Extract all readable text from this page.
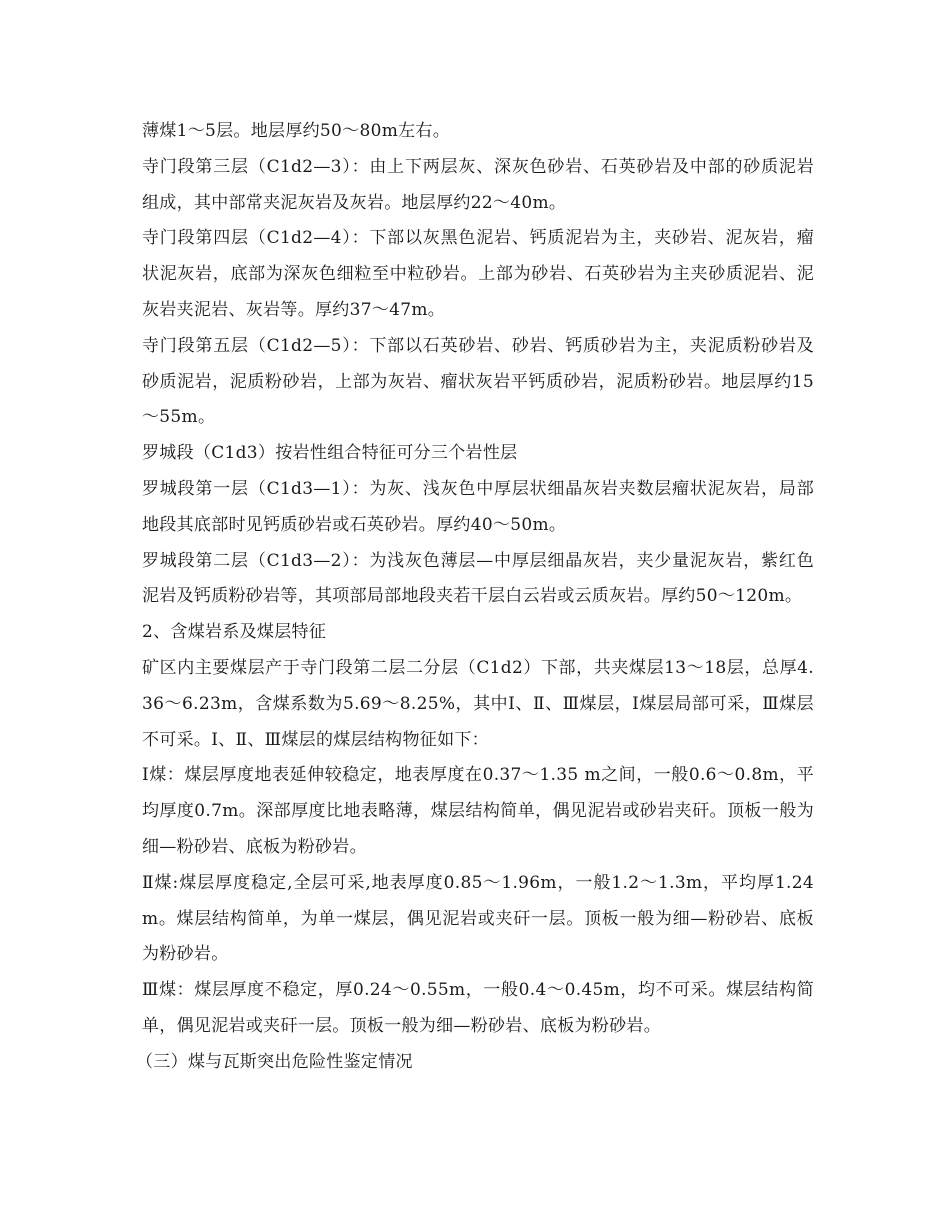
薄煤1～5层。地层厚约50～80m左右。

寺门段第三层（C1d2—3）：由上下两层灰、深灰色砂岩、石英砂岩及中部的砂质泥岩组成，其中部常夹泥灰岩及灰岩。地层厚约22～40m。

寺门段第四层（C1d2—4）：下部以灰黑色泥岩、钙质泥岩为主，夹砂岩、泥灰岩，瘤状泥灰岩，底部为深灰色细粒至中粒砂岩。上部为砂岩、石英砂岩为主夹砂质泥岩、泥灰岩夹泥岩、灰岩等。厚约37～47m。

寺门段第五层（C1d2—5）：下部以石英砂岩、砂岩、钙质砂岩为主，夹泥质粉砂岩及砂质泥岩，泥质粉砂岩，上部为灰岩、瘤状灰岩平钙质砂岩，泥质粉砂岩。地层厚约15～55m。

罗城段（C1d3）按岩性组合特征可分三个岩性层

罗城段第一层（C1d3—1）：为灰、浅灰色中厚层状细晶灰岩夹数层瘤状泥灰岩，局部地段其底部时见钙质砂岩或石英砂岩。厚约40～50m。

罗城段第二层（C1d3—2）：为浅灰色薄层—中厚层细晶灰岩，夹少量泥灰岩，紫红色泥岩及钙质粉砂岩等，其项部局部地段夹若干层白云岩或云质灰岩。厚约50～120m。

2、含煤岩系及煤层特征

矿区内主要煤层产于寺门段第二层二分层（C1d2）下部，共夹煤层13～18层，总厚4.36～6.23m，含煤系数为5.69～8.25%，其中Ⅰ、Ⅱ、Ⅲ煤层，Ⅰ煤层局部可采，Ⅲ煤层不可采。Ⅰ、Ⅱ、Ⅲ煤层的煤层结构物征如下：

Ⅰ煤：煤层厚度地表延伸较稳定，地表厚度在0.37～1.35 m之间，一般0.6～0.8m，平均厚度0.7m。深部厚度比地表略薄，煤层结构简单，偶见泥岩或砂岩夹矸。顶板一般为细—粉砂岩、底板为粉砂岩。

Ⅱ煤:煤层厚度稳定,全层可采,地表厚度0.85～1.96m，一般1.2～1.3m，平均厚1.24m。煤层结构简单，为单一煤层，偶见泥岩或夹矸一层。顶板一般为细—粉砂岩、底板为粉砂岩。

Ⅲ煤：煤层厚度不稳定，厚0.24～0.55m，一般0.4～0.45m，均不可采。煤层结构简单，偶见泥岩或夹矸一层。顶板一般为细—粉砂岩、底板为粉砂岩。

（三）煤与瓦斯突出危险性鉴定情况
